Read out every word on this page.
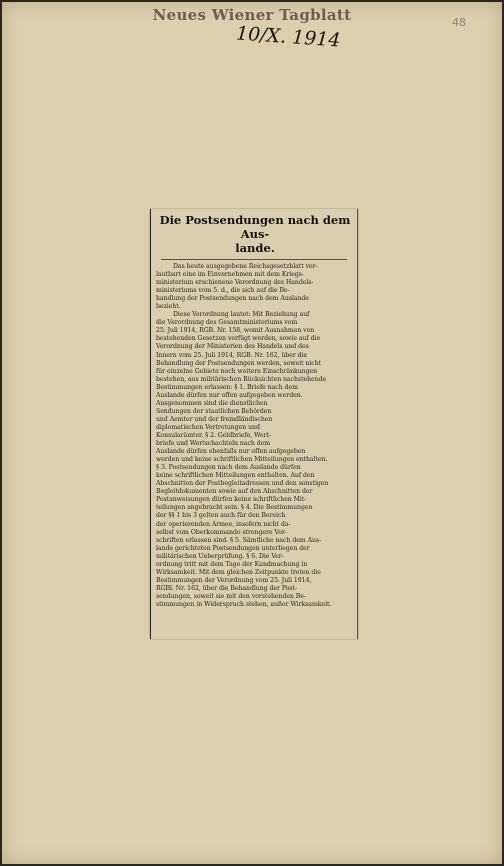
Neues Wiener Tagblatt
10/X. 1914	48
Die Postsendungen nach dem Aus-
lande.
Das heute ausgegebene Reichsgesetzblatt ver-
lautbart eine im Einvernehmen mit dem Kriegs-
ministerium erschienene Verordnung des Handels-
ministeriums vom 5. d., die sich auf die Be-
handlung der Postsendungen nach dem Auslande
bezieht.
Diese Verordnung lautet: Mit Beziehung auf
die Verordnung des Gesamtministeriums vom
25. Juli 1914, RGB. Nr. 158, womit Ausnahmen von
bestehenden Gesetzen verfügt werden, sowie auf die
Verordnung der Ministerien des Handels und des
Innern vom 25. Juli 1914, RGB. Nr. 162, über die
Behandlung der Postsendungen werden, soweit nicht
für einzelne Gebiete noch weitere Einschränkungen
bestehen, aus militärischen Rücksichten nachstehende
Bestimmungen erlassen: § 1. Briefe nach dem
Auslande dürfen nur offen aufgegeben werden.
Ausgenommen sind die dienstlichen
Sendungen der staatlichen Behörden
und Aemter und der fremdländischen
diplomatischen Vertretungen und
Konsularämter. § 2. Geldbriefe, Wert-
briefe und Wertschachteln nach dem
Auslande dürfen ebenfalls nur offen aufgegeben
werden und keine schriftlichen Mitteilungen enthalten.
§ 3. Postsendungen nach dem Auslande dürfen
keine schriftlichen Mitteilungen enthalten. Auf den
Abschnitten der Postbegleitadressen und den sonstigen
Begleitdokumenten sowie auf den Abschnitten der
Postanweisungen dürfen keine schriftlichen Mit-
teilungen angebracht sein. § 4. Die Bestimmungen
der §§ 1 bis 3 gelten auch für den Bereich
der operierenden Armee, insofern nicht da-
selbst vom Oberkommando strengere Vor-
schriften erlassen sind. § 5. Sämtliche nach dem Aus-
lande gerichteten Postsendungen unterliegen der
militärischen Ueberprüfung. § 6. Die Ver-
ordnung tritt mit dem Tage der Kundmachung in
Wirksamkeit. Mit dem gleichen Zeitpunkte treten die
Bestimmungen der Verordnung vom 25. Juli 1914,
RGBl. Nr. 162, über die Behandlung der Post-
sendungen, soweit sie mit den vorstehenden Be-
stimmungen in Widerspruch stehen, außer Wirksamkeit.
